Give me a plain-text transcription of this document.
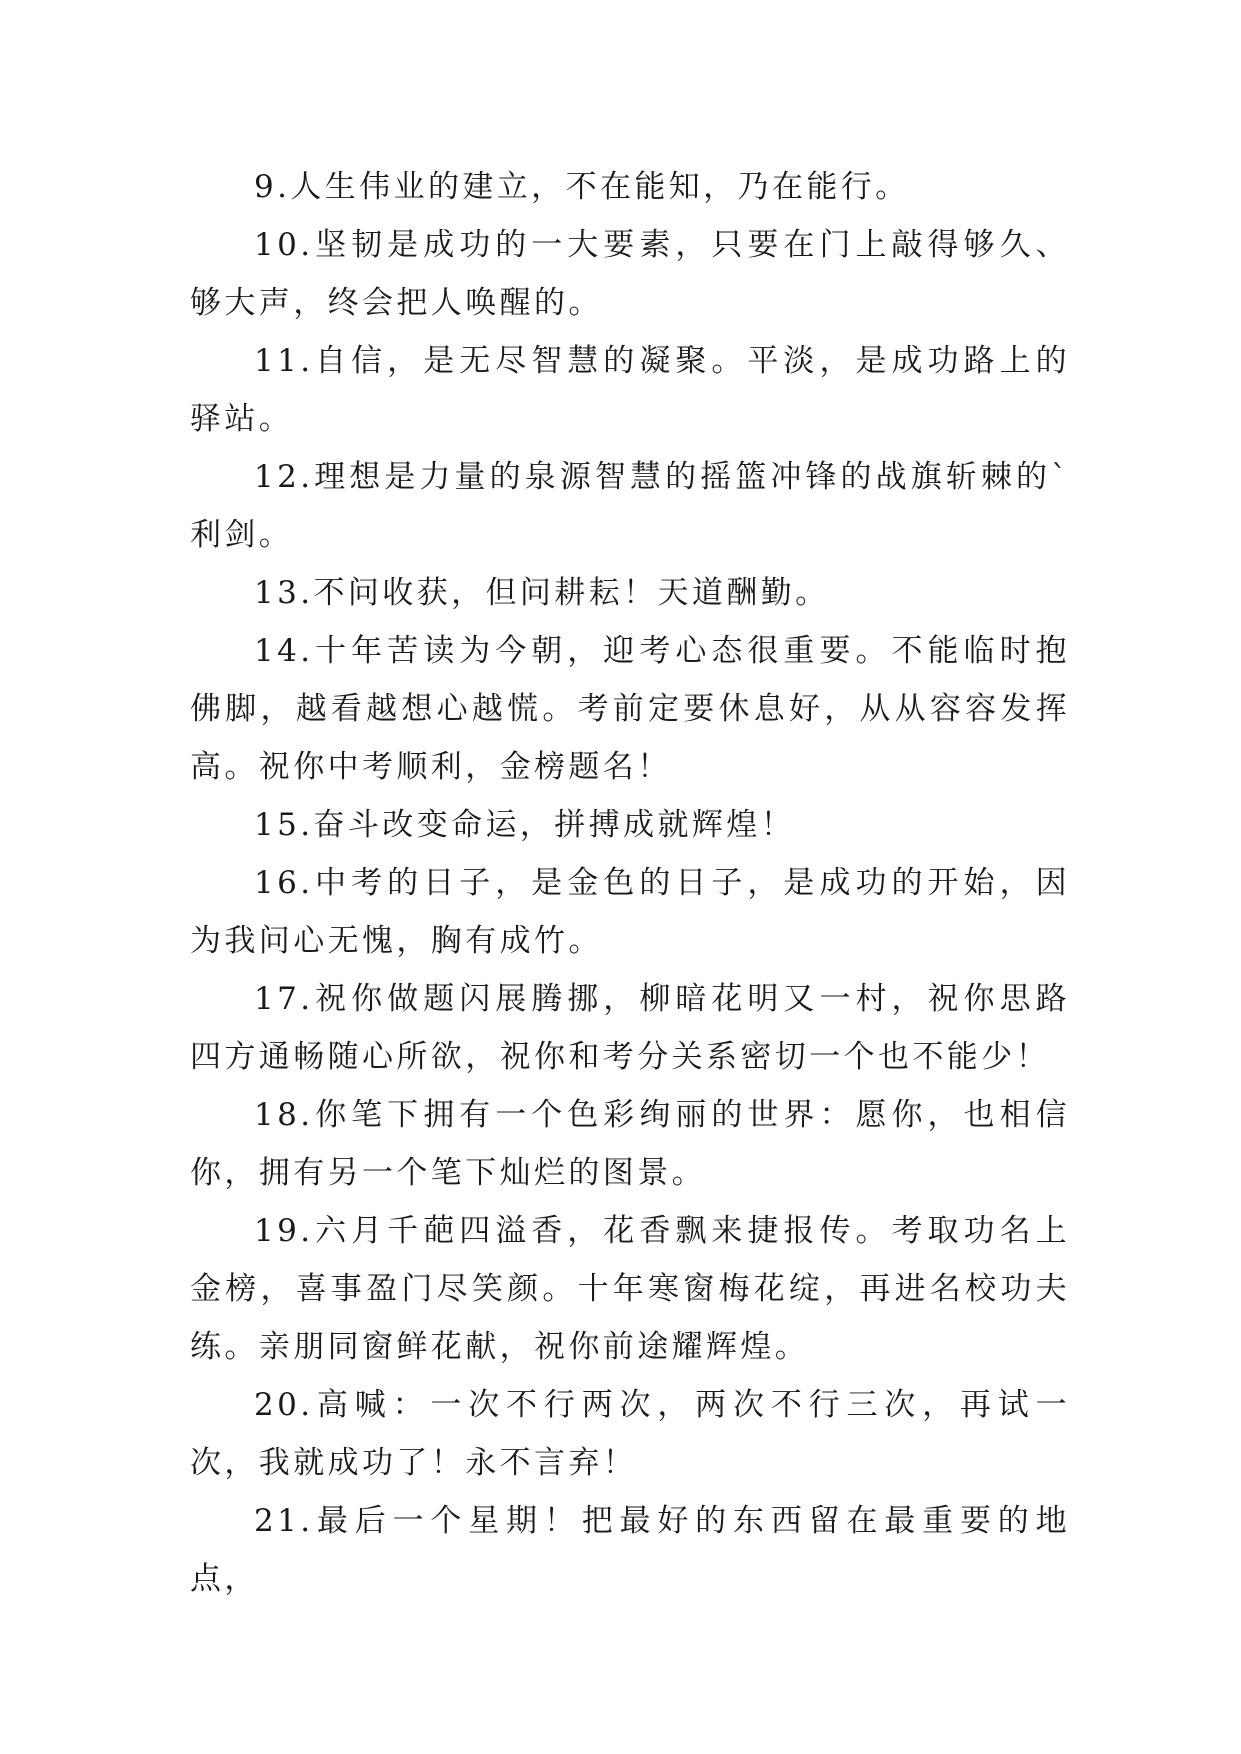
9.人生伟业的建立，不在能知，乃在能行。

10.坚韧是成功的一大要素，只要在门上敲得够久、够大声，终会把人唤醒的。

11.自信，是无尽智慧的凝聚。平淡，是成功路上的驿站。

12.理想是力量的泉源智慧的摇篮冲锋的战旗斩棘的`利剑。

13.不问收获，但问耕耘！天道酬勤。

14.十年苦读为今朝，迎考心态很重要。不能临时抱佛脚，越看越想心越慌。考前定要休息好，从从容容发挥高。祝你中考顺利，金榜题名！

15.奋斗改变命运，拼搏成就辉煌！

16.中考的日子，是金色的日子，是成功的开始，因为我问心无愧，胸有成竹。

17.祝你做题闪展腾挪，柳暗花明又一村，祝你思路四方通畅随心所欲，祝你和考分关系密切一个也不能少！

18.你笔下拥有一个色彩绚丽的世界：愿你，也相信你，拥有另一个笔下灿烂的图景。

19.六月千葩四溢香，花香飘来捷报传。考取功名上金榜，喜事盈门尽笑颜。十年寒窗梅花绽，再进名校功夫练。亲朋同窗鲜花献，祝你前途耀辉煌。

20.高喊：一次不行两次，两次不行三次，再试一次，我就成功了！永不言弃！

21.最后一个星期！把最好的东西留在最重要的地点，
